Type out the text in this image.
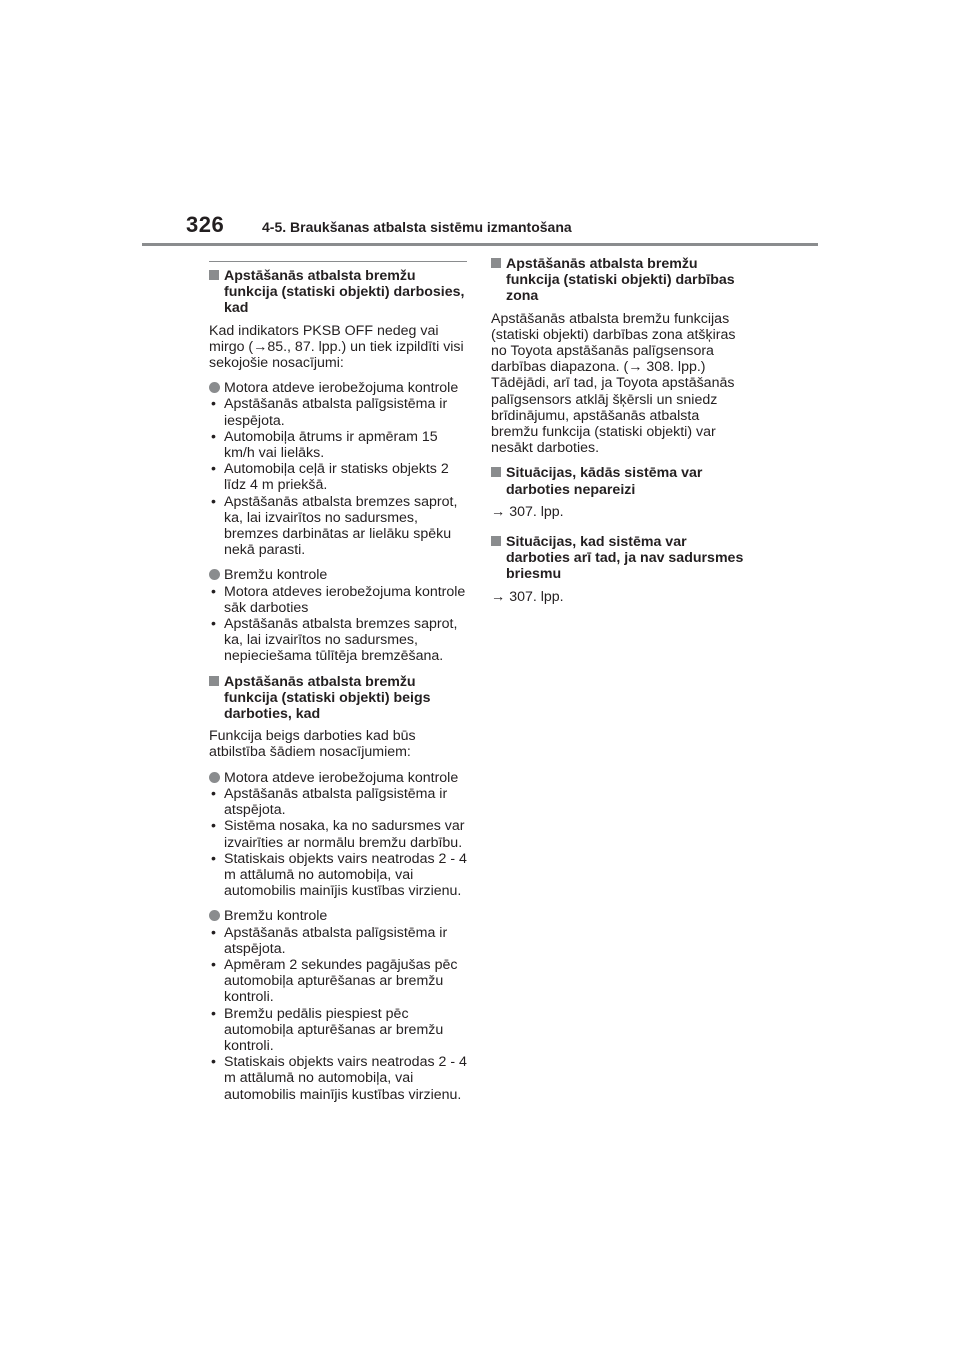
326	4-5. Braukšanas atbalsta sistēmu izmantošana
Apstāšanās atbalsta bremžu funkcija (statiski objekti) darbosies, kad
Kad indikators PKSB OFF nedeg vai mirgo (→85., 87. lpp.) un tiek izpildīti visi sekojošie nosacījumi:
Motora atdeve ierobežojuma kontrole
• Apstāšanās atbalsta palīgsistēma ir iespējota.
• Automobiļa ātrums ir apmēram 15 km/h vai lielāks.
• Automobiļa ceļā ir statisks objekts 2 līdz 4 m priekšā.
• Apstāšanās atbalsta bremzes saprot, ka, lai izvairītos no sadursmes, bremzes darbinātas ar lielāku spēku nekā parasti.
Bremžu kontrole
• Motora atdeves ierobežojuma kontrole sāk darboties
• Apstāšanās atbalsta bremzes saprot, ka, lai izvairītos no sadursmes, nepieciešama tūlītēja bremzēšana.
Apstāšanās atbalsta bremžu funkcija (statiski objekti) beigs darboties, kad
Funkcija beigs darboties kad būs atbilstība šādiem nosacījumiem:
Motora atdeve ierobežojuma kontrole
• Apstāšanās atbalsta palīgsistēma ir atspējota.
• Sistēma nosaka, ka no sadursmes var izvairīties ar normālu bremžu darbību.
• Statiskais objekts vairs neatrodas 2 - 4 m attālumā no automobiļa, vai automobilis mainījis kustības virzienu.
Bremžu kontrole
• Apstāšanās atbalsta palīgsistēma ir atspējota.
• Apmēram 2 sekundes pagājušas pēc automobiļa apturēšanas ar bremžu kontroli.
• Bremžu pedālis piespiest pēc automobiļa apturēšanas ar bremžu kontroli.
• Statiskais objekts vairs neatrodas 2 - 4 m attālumā no automobiļa, vai automobilis mainījis kustības virzienu.
Apstāšanās atbalsta bremžu funkcija (statiski objekti) darbības zona
Apstāšanās atbalsta bremžu funkcijas (statiski objekti) darbības zona atšķiras no Toyota apstāšanās palīgsensora darbības diapazona. (→ 308. lpp.) Tādējādi, arī tad, ja Toyota apstāšanās palīgsensors atklāj šķērsli un sniedz brīdinājumu, apstāšanās atbalsta bremžu funkcija (statiski objekti) var nesākt darboties.
Situācijas, kādās sistēma var darboties nepareizi
→ 307. lpp.
Situācijas, kad sistēma var darboties arī tad, ja nav sadursmes briesmu
→ 307. lpp.
